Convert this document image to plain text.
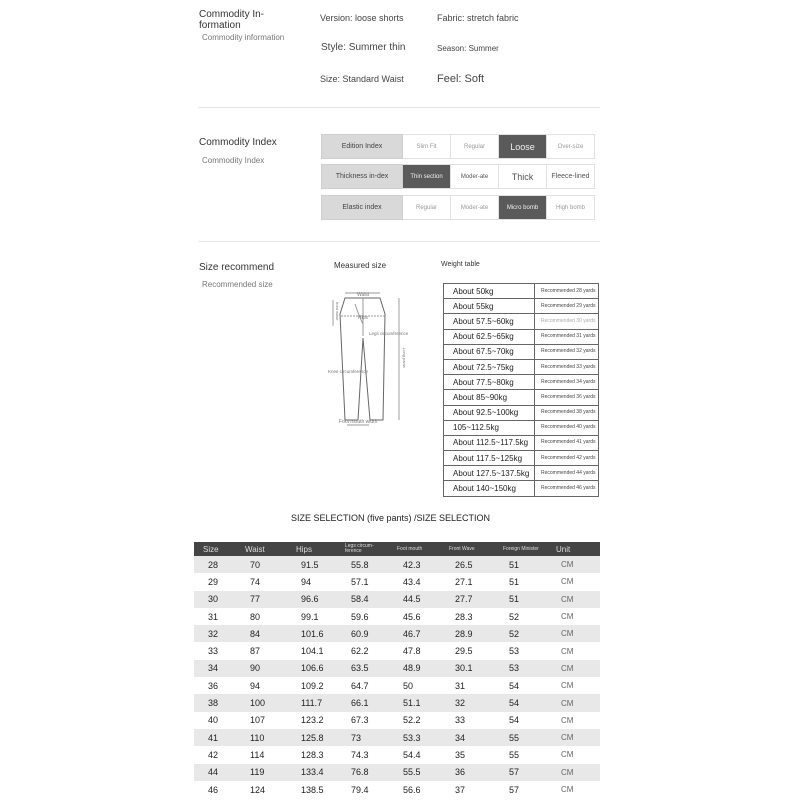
Commodity In-formation
Commodity information
Version: loose shorts	Fabric: stretch fabric
Style: Summer thin	Season: Summer
Size: Standard Waist	Feel: Soft
Commodity Index
Commodity Index
Edition Index	Slim Fit	Regular	Loose	Over-size
Thickness in-dex	Thin section	Moder-ate	Thick	Fleece-lined
Elastic index	Regular	Moder-ate	Micro bomb	High bomb
Size recommend
Recommended size
Measured size	Weight table
Waist
Hips
front wave
Legs circumference
Long pants
Knee circumference
Foot mouth width
About 50kg	Recommended 28 yards
About 55kg	Recommended 29 yards
About 57.5~60kg	Recommended 30 yards
About 62.5~65kg	Recommended 31 yards
About 67.5~70kg	Recommended 32 yards
About 72.5~75kg	Recommended 33 yards
About 77.5~80kg	Recommended 34 yards
About 85~90kg	Recommended 36 yards
About 92.5~100kg	Recommended 38 yards
105~112.5kg	Recommended 40 yards
About 112.5~117.5kg	Recommended 41 yards
About 117.5~125kg	Recommended 42 yards
About 127.5~137.5kg	Recommended 44 yards
About 140~150kg	Recommended 46 yards
SIZE SELECTION (five pants) /SIZE SELECTION
Size	Waist	Hips	Legs circum-ference	Foot mouth	Front Wave	Foreign Minister	Unit
28	70	91.5	55.8	42.3	26.5	51	CM
29	74	94	57.1	43.4	27.1	51	CM
30	77	96.6	58.4	44.5	27.7	51	CM
31	80	99.1	59.6	45.6	28.3	52	CM
32	84	101.6	60.9	46.7	28.9	52	CM
33	87	104.1	62.2	47.8	29.5	53	CM
34	90	106.6	63.5	48.9	30.1	53	CM
36	94	109.2	64.7	50	31	54	CM
38	100	111.7	66.1	51.1	32	54	CM
40	107	123.2	67.3	52.2	33	54	CM
41	110	125.8	73	53.3	34	55	CM
42	114	128.3	74.3	54.4	35	55	CM
44	119	133.4	76.8	55.5	36	57	CM
46	124	138.5	79.4	56.6	37	57	CM
